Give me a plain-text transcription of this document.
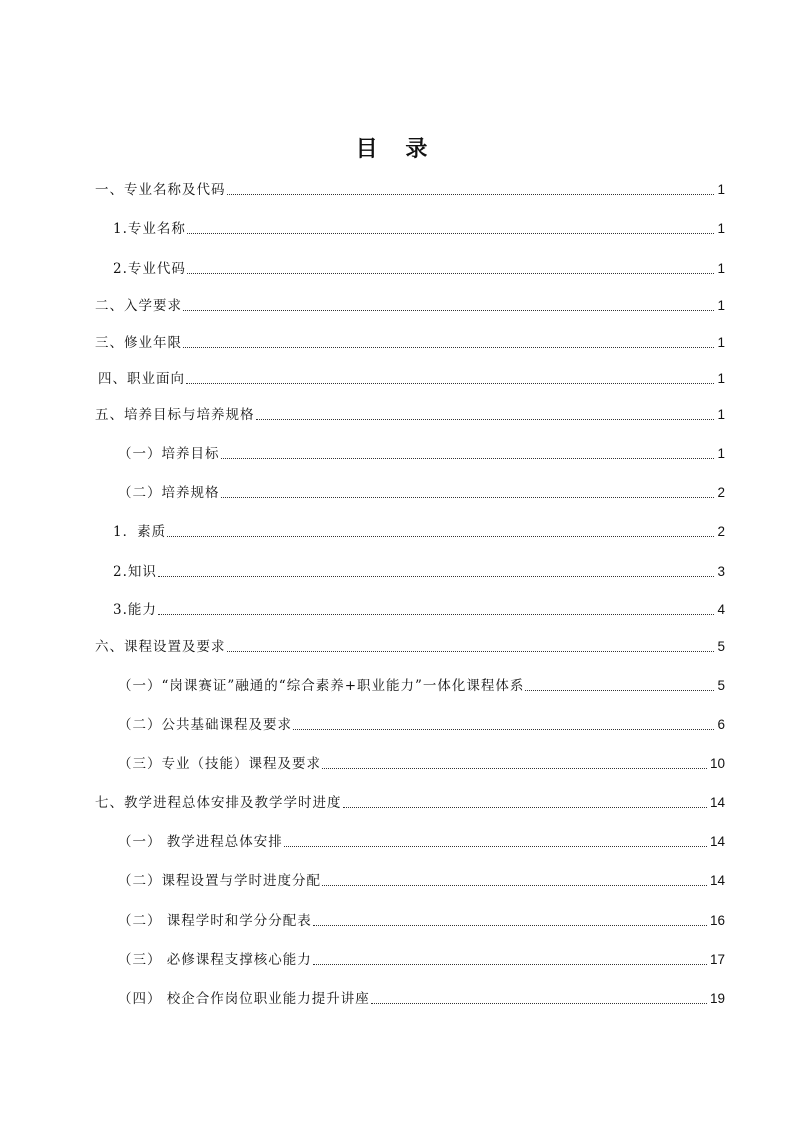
目 录
一、专业名称及代码	1
1.专业名称	1
2.专业代码	1
二、入学要求	1
三、修业年限	1
四、职业面向	1
五、培养目标与培养规格	1
（一）培养目标	1
（二）培养规格	2
1．素质	2
2.知识	3
3.能力	4
六、课程设置及要求	5
（一）“岗课赛证”融通的“综合素养+职业能力”一体化课程体系	5
（二）公共基础课程及要求	6
（三）专业（技能）课程及要求	10
七、教学进程总体安排及教学学时进度	14
（一） 教学进程总体安排	14
（二）课程设置与学时进度分配	14
（二） 课程学时和学分分配表	16
（三） 必修课程支撑核心能力	17
（四） 校企合作岗位职业能力提升讲座	19
